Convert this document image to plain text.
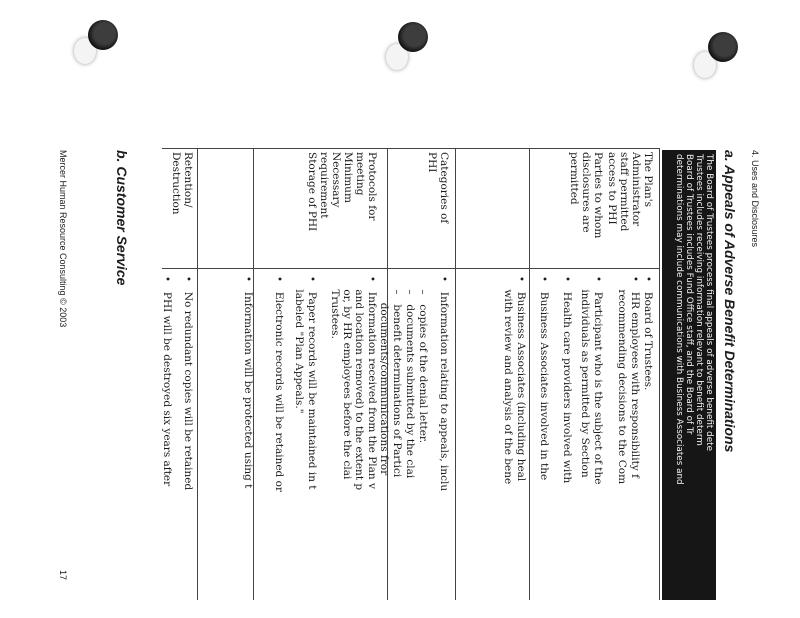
4. Uses and Disclosures
a. Appeals of Adverse Benefit Determinations
The Board of Trustees process final appeals of adverse benefit dete
Trustees includes receiving information relevant to benefit determ
Board of Trustees includes Fund Office staff, and the Board of Tr
determinations may include communications with Business Associates and
The Plan's
Administrator
staff permitted
access to PHI
•   Board of Trustees.
•   HR employees with responsibility f
recommending decisions to the Com
Parties to whom
disclosures are
permitted
•   Participant who is the subject of the
individuals as permitted by Section
•   Health care providers involved with
•   Business Associates involved in the
•   Business Associates (including heal
with review and analysis of the bene
Categories of
PHI
•   Information relating to appeals, inclu
–   copies of the denial letter.
–   documents submitted by the clai
–   benefit determinations of Partici
documents/communications fror
Protocols for
meeting
Minimum
Necessary
requirement
•   Information received from the Plan v
and location removed) to the extent p
or, by HR employees before the clai
Trustees.
Storage of PHI
•   Paper records will be maintained in t
labeled "Plan Appeals."
•   Electronic records will be retained or
•   Information will be protected using t
Retention/
Destruction
•   No redundant copies will be retained
•   PHI will be destroyed six years after
b. Customer Service
Mercer Human Resource Consulting © 2003
17
